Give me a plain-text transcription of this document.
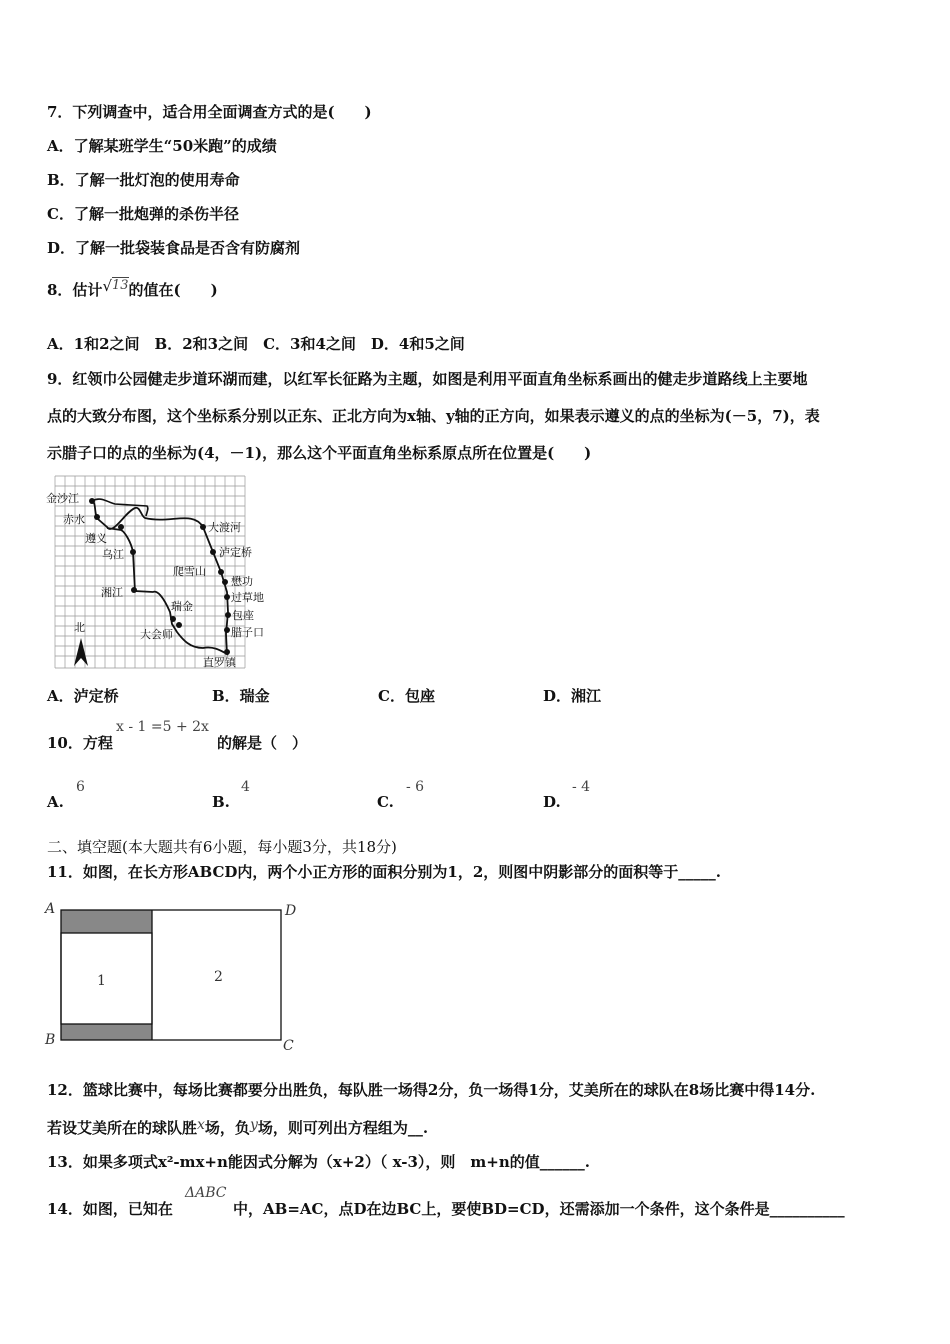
7．下列调查中，适合用全面调查方式的是(　　)
A．了解某班学生“50米跑”的成绩
B．了解一批灯泡的使用寿命
C．了解一批炮弹的杀伤半径
D．了解一批袋装食品是否含有防腐剂
8．估计√13的值在(　　)
A．1和2之间　B．2和3之间　C．3和4之间　D．4和5之间
9．红领巾公园健走步道环湖而建，以红军长征路为主题，如图是利用平面直角坐标系画出的健走步道路线上主要地
点的大致分布图，这个坐标系分别以正东、正北方向为x轴、y轴的正方向，如果表示遵义的点的坐标为(－5，7)，表
示腊子口的点的坐标为(4，－1)，那么这个平面直角坐标系原点所在位置是(　　)
金沙江
赤水
遵义
乌江
湘江
大渡河
泸定桥
爬雪山
懋功
过草地
瑞金
包座
腊子口
大会师
直罗镇
北
A．泸定桥	B．瑞金	C．包座	D．湘江
10．方程
x - 1 =5 + 2x
的解是（　）
A.
6
B.
4
C.
- 6
D.
- 4
二、填空题(本大题共有6小题，每小题3分，共18分)
11．如图，在长方形ABCD内，两个小正方形的面积分别为1，2，则图中阴影部分的面积等于_____.
A	D
B	C
1	2
12．篮球比赛中，每场比赛都要分出胜负，每队胜一场得2分，负一场得1分，艾美所在的球队在8场比赛中得14分.
若设艾美所在的球队胜x场，负y场，则可列出方程组为__.
13．如果多项式x²-mx+n能因式分解为（x+2）（ x-3），则　m+n的值______.
14．如图，已知在
ΔABC
中，AB=AC，点D在边BC上，要使BD=CD，还需添加一个条件，这个条件是__________
